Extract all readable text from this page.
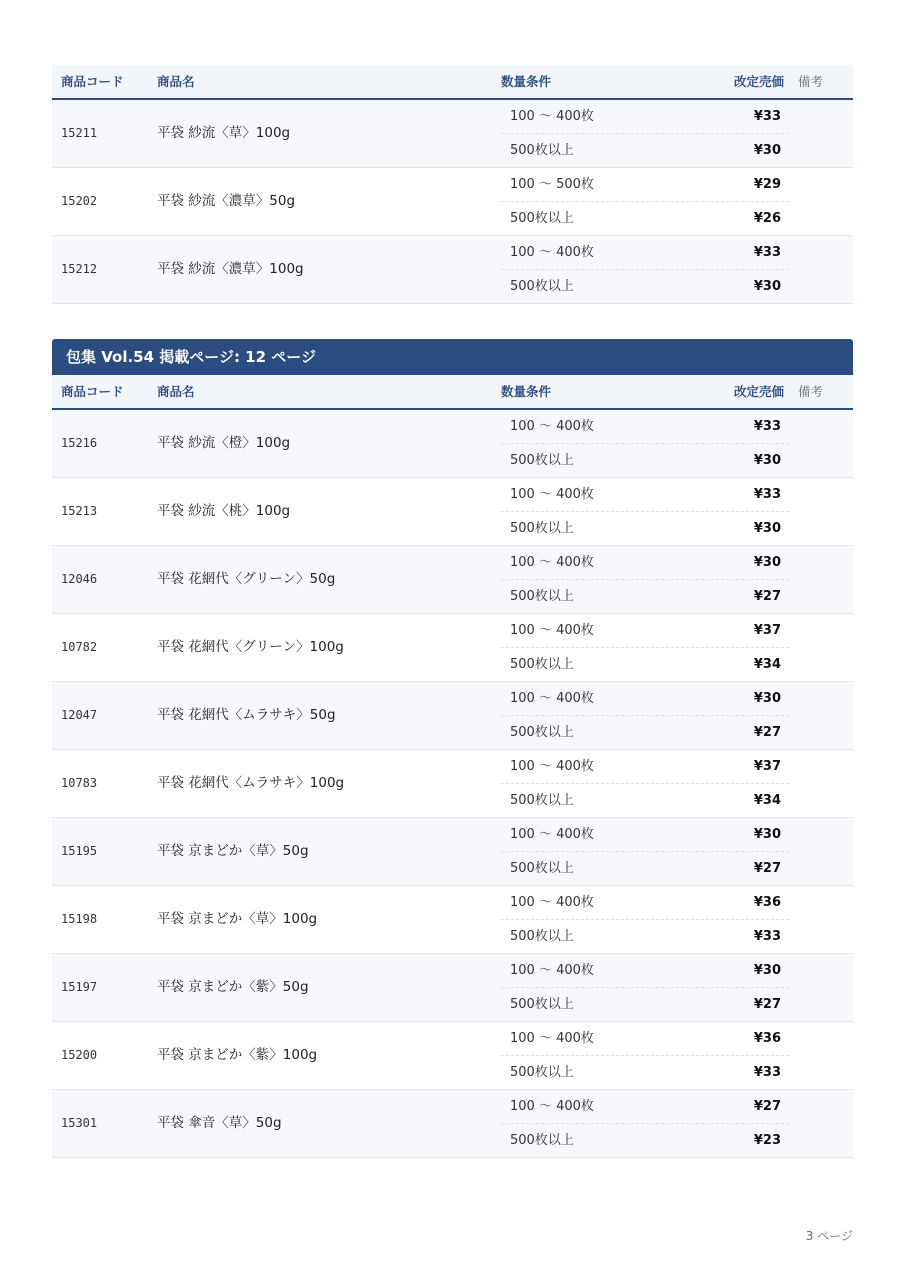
商品コード	商品名	数量条件	改定売価 備考
15211	平袋 紗流〈草〉100g
100 〜 400枚	¥33
500枚以上	¥30
15202	平袋 紗流〈濃草〉50g
100 〜 500枚	¥29
500枚以上	¥26
15212	平袋 紗流〈濃草〉100g
100 〜 400枚	¥33
500枚以上	¥30
包集 Vol.54 掲載ページ: 12 ページ
商品コード	商品名	数量条件	改定売価 備考
15216	平袋 紗流〈橙〉100g
100 〜 400枚	¥33
500枚以上	¥30
15213	平袋 紗流〈桃〉100g
100 〜 400枚	¥33
500枚以上	¥30
12046	平袋 花網代〈グリーン〉50g
100 〜 400枚	¥30
500枚以上	¥27
10782	平袋 花網代〈グリーン〉100g
100 〜 400枚	¥37
500枚以上	¥34
12047	平袋 花網代〈ムラサキ〉50g
100 〜 400枚	¥30
500枚以上	¥27
10783	平袋 花網代〈ムラサキ〉100g
100 〜 400枚	¥37
500枚以上	¥34
15195	平袋 京まどか〈草〉50g
100 〜 400枚	¥30
500枚以上	¥27
15198	平袋 京まどか〈草〉100g
100 〜 400枚	¥36
500枚以上	¥33
15197	平袋 京まどか〈紫〉50g
100 〜 400枚	¥30
500枚以上	¥27
15200	平袋 京まどか〈紫〉100g
100 〜 400枚	¥36
500枚以上	¥33
15301	平袋 傘音〈草〉50g
100 〜 400枚	¥27
500枚以上	¥23
3 ページ
